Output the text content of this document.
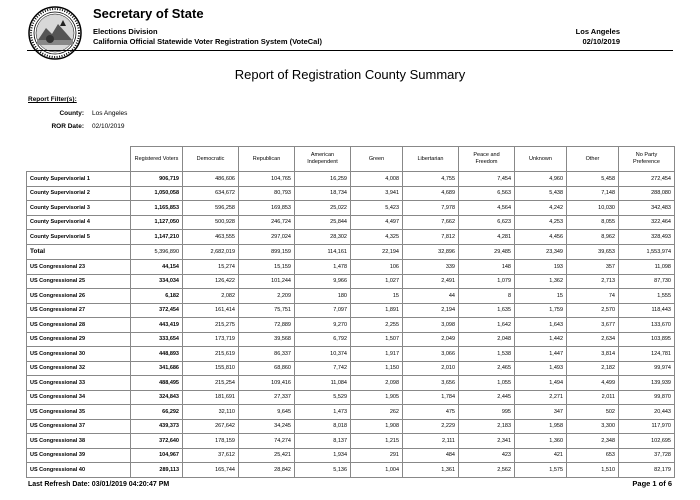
Secretary of State
Elections Division
California Official Statewide Voter Registration System (VoteCal)
Los Angeles
02/10/2019
Report of Registration County Summary
Report Filter(s):
County:	Los Angeles
ROR Date:	02/10/2019
	Registered Voters	Democratic	Republican	American Independent	Green	Libertarian	Peace and Freedom	Unknown	Other	No Party Preference
County Supervisorial 1	906,719	486,606	104,765	16,259	4,008	4,755	7,454	4,960	5,458	272,454
County Supervisorial 2	1,050,058	634,672	80,793	18,734	3,941	4,689	6,563	5,438	7,148	288,080
County Supervisorial 3	1,165,853	596,258	169,853	25,022	5,423	7,978	4,564	4,242	10,030	342,483
County Supervisorial 4	1,127,050	500,928	246,724	25,844	4,497	7,662	6,623	4,253	8,055	322,464
County Supervisorial 5	1,147,210	463,555	297,024	28,302	4,325	7,812	4,281	4,456	8,962	328,493
Total	5,396,890	2,682,019	899,159	114,161	22,194	32,896	29,485	23,349	39,653	1,553,974
US Congressional 23	44,154	15,274	15,159	1,478	106	339	148	193	357	11,098
US Congressional 25	334,034	126,422	101,244	9,966	1,027	2,491	1,079	1,362	2,713	87,730
US Congressional 26	6,182	2,082	2,209	180	15	44	8	15	74	1,555
US Congressional 27	372,454	161,414	75,751	7,097	1,891	2,194	1,635	1,759	2,570	118,443
US Congressional 28	443,419	215,275	72,889	9,270	2,255	3,098	1,642	1,643	3,677	133,670
US Congressional 29	333,654	173,719	39,568	6,792	1,507	2,049	2,048	1,442	2,634	103,895
US Congressional 30	448,893	215,619	86,337	10,374	1,917	3,066	1,538	1,447	3,814	124,781
US Congressional 32	341,686	155,810	68,860	7,742	1,150	2,010	2,465	1,493	2,182	99,974
US Congressional 33	488,495	215,254	109,416	11,084	2,098	3,656	1,055	1,494	4,499	139,939
US Congressional 34	324,843	181,691	27,337	5,529	1,905	1,784	2,445	2,271	2,011	99,870
US Congressional 35	66,292	32,110	9,645	1,473	262	475	995	347	502	20,443
US Congressional 37	439,373	267,642	34,245	8,018	1,908	2,229	2,183	1,958	3,300	117,970
US Congressional 38	372,640	178,159	74,274	8,137	1,215	2,111	2,341	1,360	2,348	102,695
US Congressional 39	104,967	37,612	25,421	1,934	291	484	423	421	653	37,728
US Congressional 40	289,113	165,744	28,842	5,136	1,004	1,361	2,562	1,575	1,510	82,179
Last Refresh Date: 03/01/2019 04:20:47 PM	Page 1 of 6
